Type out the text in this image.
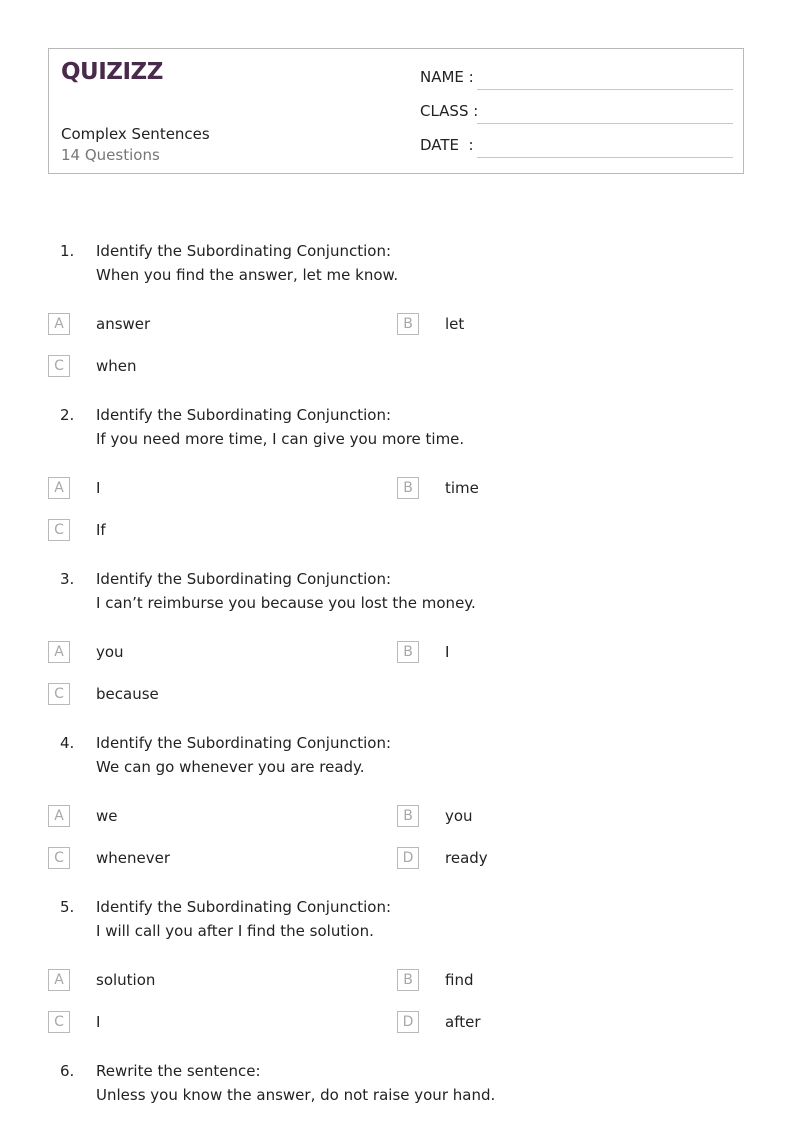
QUIZIZZ
Complex Sentences
14 Questions
NAME :
CLASS :
DATE  :
1. Identify the Subordinating Conjunction:
When you find the answer, let me know.
A	answer	B	let
C	when
2. Identify the Subordinating Conjunction:
If you need more time, I can give you more time.
A	I	B	time
C	If
3. Identify the Subordinating Conjunction:
I can’t reimburse you because you lost the money.
A	you	B	I
C	because
4. Identify the Subordinating Conjunction:
We can go whenever you are ready.
A	we	B	you
C	whenever	D	ready
5. Identify the Subordinating Conjunction:
I will call you after I find the solution.
A	solution	B	find
C	I	D	after
6. Rewrite the sentence:
Unless you know the answer, do not raise your hand.
